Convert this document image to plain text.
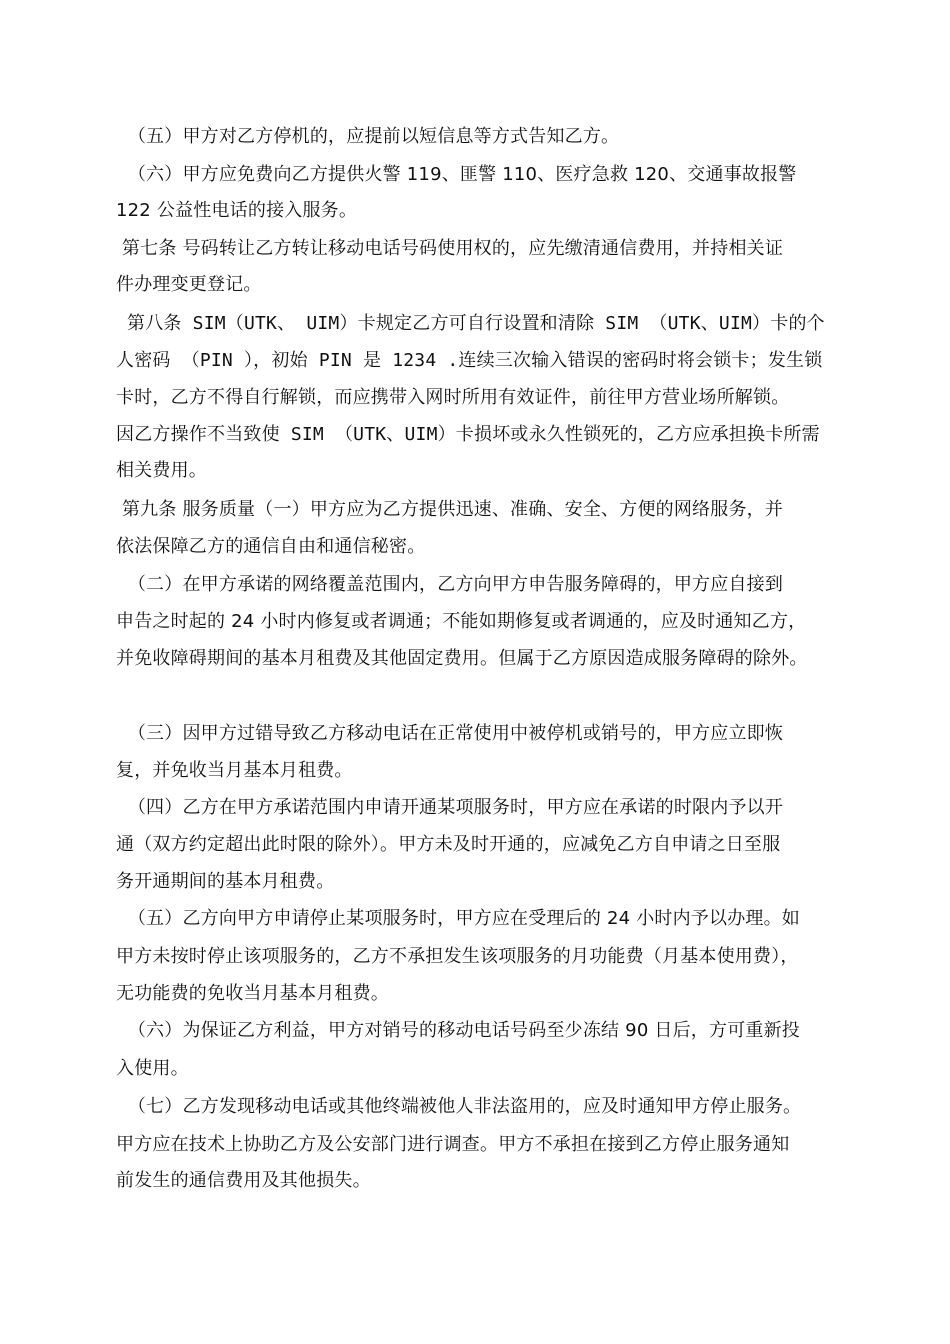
（五）甲方对乙方停机的，应提前以短信息等方式告知乙方。
（六）甲方应免费向乙方提供火警 119、匪警 110、医疗急救 120、交通事故报警
122 公益性电话的接入服务。
第七条 号码转让乙方转让移动电话号码使用权的，应先缴清通信费用，并持相关证
件办理变更登记。
第八条 SIM（UTK、 UIM）卡规定乙方可自行设置和清除 SIM （UTK、UIM）卡的个
人密码 （PIN ），初始 PIN 是 1234 .连续三次输入错误的密码时将会锁卡；发生锁
卡时，乙方不得自行解锁，而应携带入网时所用有效证件，前往甲方营业场所解锁。
因乙方操作不当致使 SIM （UTK、UIM）卡损坏或永久性锁死的，乙方应承担换卡所需
相关费用。
第九条 服务质量（一）甲方应为乙方提供迅速、准确、安全、方便的网络服务，并
依法保障乙方的通信自由和通信秘密。
（二）在甲方承诺的网络覆盖范围内，乙方向甲方申告服务障碍的，甲方应自接到
申告之时起的 24 小时内修复或者调通；不能如期修复或者调通的，应及时通知乙方，
并免收障碍期间的基本月租费及其他固定费用。但属于乙方原因造成服务障碍的除外。
（三）因甲方过错导致乙方移动电话在正常使用中被停机或销号的，甲方应立即恢
复，并免收当月基本月租费。
（四）乙方在甲方承诺范围内申请开通某项服务时，甲方应在承诺的时限内予以开
通（双方约定超出此时限的除外）。甲方未及时开通的，应减免乙方自申请之日至服
务开通期间的基本月租费。
（五）乙方向甲方申请停止某项服务时，甲方应在受理后的 24 小时内予以办理。如
甲方未按时停止该项服务的，乙方不承担发生该项服务的月功能费（月基本使用费），
无功能费的免收当月基本月租费。
（六）为保证乙方利益，甲方对销号的移动电话号码至少冻结 90 日后，方可重新投
入使用。
（七）乙方发现移动电话或其他终端被他人非法盗用的，应及时通知甲方停止服务。
甲方应在技术上协助乙方及公安部门进行调查。甲方不承担在接到乙方停止服务通知
前发生的通信费用及其他损失。
